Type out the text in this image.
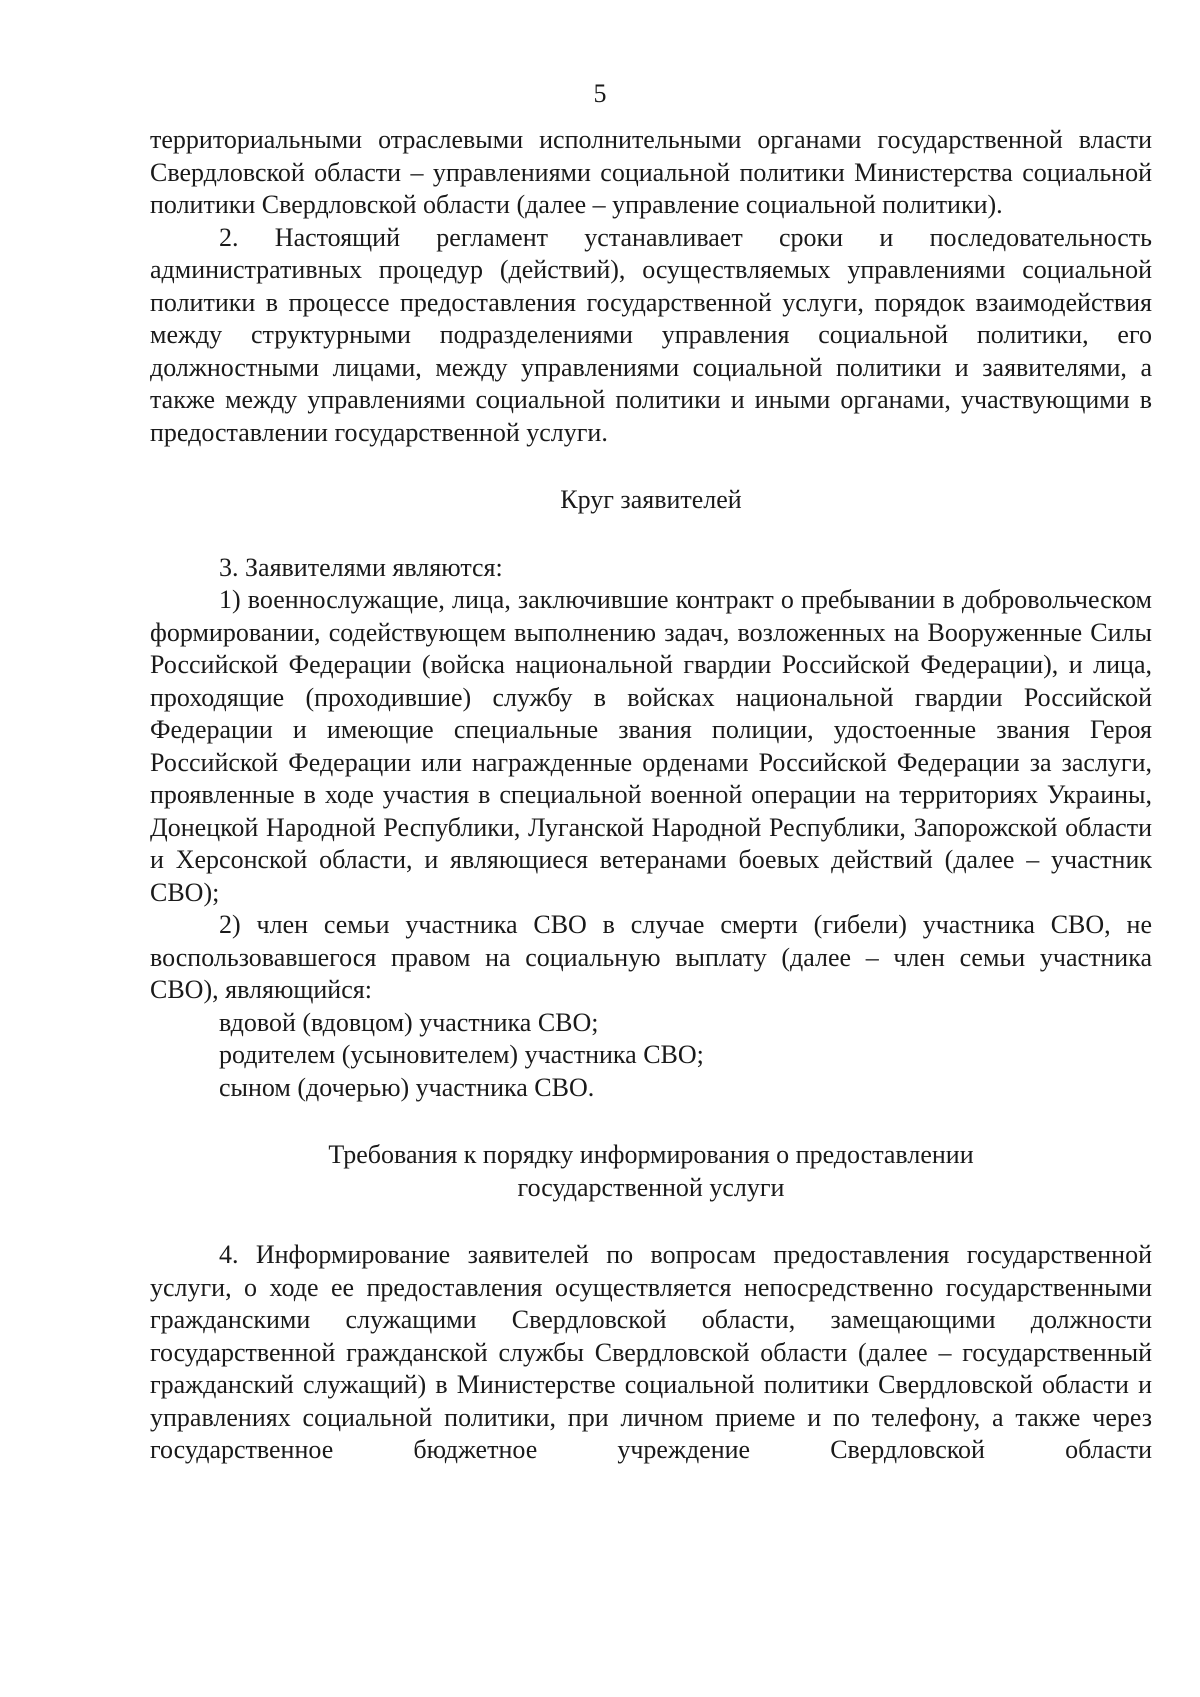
5

территориальными отраслевыми исполнительными органами государственной власти Свердловской области – управлениями социальной политики Министерства социальной политики Свердловской области (далее – управление социальной политики).

2. Настоящий регламент устанавливает сроки и последовательность административных процедур (действий), осуществляемых управлениями социальной политики в процессе предоставления государственной услуги, порядок взаимодействия между структурными подразделениями управления социальной политики, его должностными лицами, между управлениями социальной политики и заявителями, а также между управлениями социальной политики и иными органами, участвующими в предоставлении государственной услуги.

Круг заявителей

3. Заявителями являются:

1) военнослужащие, лица, заключившие контракт о пребывании в добровольческом формировании, содействующем выполнению задач, возложенных на Вооруженные Силы Российской Федерации (войска национальной гвардии Российской Федерации), и лица, проходящие (проходившие) службу в войсках национальной гвардии Российской Федерации и имеющие специальные звания полиции, удостоенные звания Героя Российской Федерации или награжденные орденами Российской Федерации за заслуги, проявленные в ходе участия в специальной военной операции на территориях Украины, Донецкой Народной Республики, Луганской Народной Республики, Запорожской области и Херсонской области, и являющиеся ветеранами боевых действий (далее – участник СВО);

2) член семьи участника СВО в случае смерти (гибели) участника СВО, не воспользовавшегося правом на социальную выплату (далее – член семьи участника СВО), являющийся:

вдовой (вдовцом) участника СВО;

родителем (усыновителем) участника СВО;

сыном (дочерью) участника СВО.

Требования к порядку информирования о предоставлении

государственной услуги

4. Информирование заявителей по вопросам предоставления государственной услуги, о ходе ее предоставления осуществляется непосредственно государственными гражданскими служащими Свердловской области, замещающими должности государственной гражданской службы Свердловской области (далее – государственный гражданский служащий) в Министерстве социальной политики Свердловской области и управлениях социальной политики, при личном приеме и по телефону, а также через государственное бюджетное учреждение Свердловской области
